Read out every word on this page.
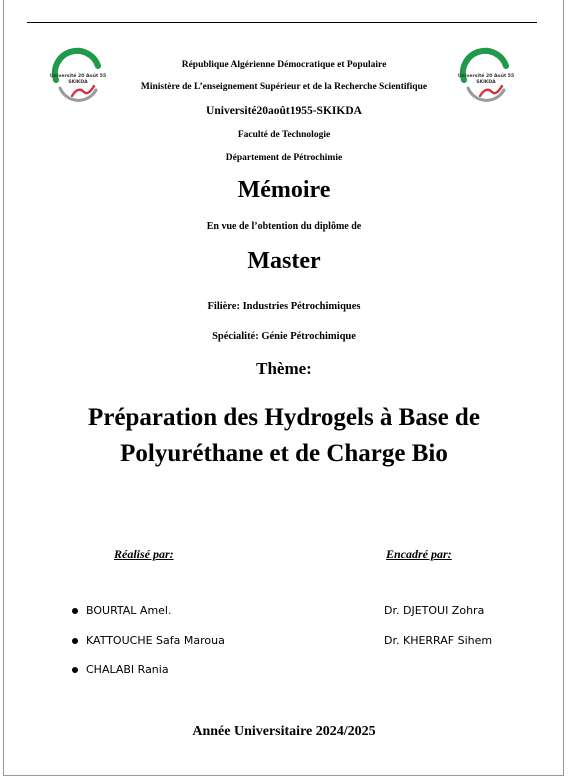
Université 20 Août 55
SKIKDA
Université 20 Août 55
SKIKDA
République Algérienne Démocratique et Populaire
Ministère de L’enseignement Supérieur et de la Recherche Scientifique
Université20août1955-SKIKDA
Faculté de Technologie
Département de Pétrochimie
Mémoire
En vue de l’obtention du diplôme de
Master
Filière: Industries Pétrochimiques
Spécialité: Génie Pétrochimique
Thème:
Préparation des Hydrogels à Base de
Polyuréthane et de Charge Bio
Réalisé par:	Encadré par:
BOURTAL Amel.
KATTOUCHE Safa Maroua
CHALABI Rania
Dr. DJETOUI Zohra
Dr. KHERRAF Sihem
Année Universitaire 2024/2025
